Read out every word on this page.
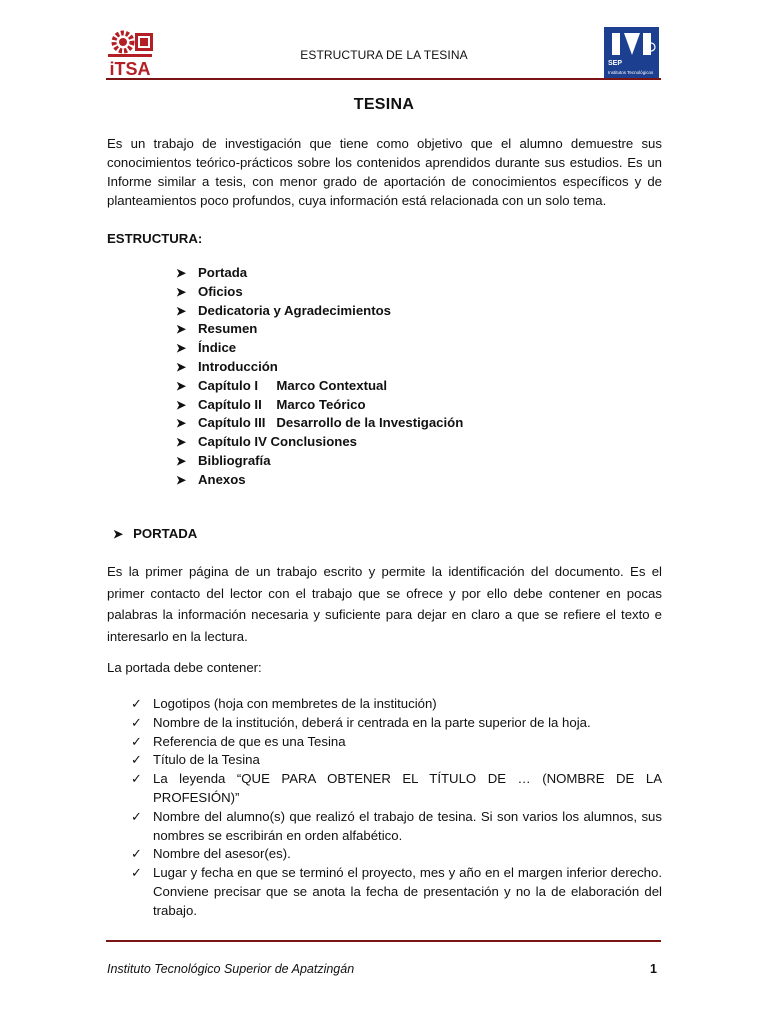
iTSA
ESTRUCTURA DE LA TESINA
SEP
Institutos Tecnológicos
TESINA
Es un trabajo de investigación que tiene como objetivo que el alumno demuestre sus conocimientos teórico-prácticos sobre los contenidos aprendidos durante sus estudios. Es un Informe similar a tesis, con menor grado de aportación de conocimientos específicos y de planteamientos poco profundos, cuya información está relacionada con un solo tema.
ESTRUCTURA:
➤ Portada
➤ Oficios
➤ Dedicatoria y Agradecimientos
➤ Resumen
➤ Índice
➤ Introducción
➤ Capítulo I     Marco Contextual
➤ Capítulo II    Marco Teórico
➤ Capítulo III   Desarrollo de la Investigación
➤ Capítulo IV Conclusiones
➤ Bibliografía
➤ Anexos
➤ PORTADA
Es la primer página de un trabajo escrito y permite la identificación del documento. Es el primer contacto del lector con el trabajo que se ofrece y por ello debe contener en pocas palabras la información necesaria y suficiente para dejar en claro a que se refiere el texto e interesarlo en la lectura.
La portada debe contener:
✓ Logotipos (hoja con membretes de la institución)
✓ Nombre de la institución, deberá ir centrada en la parte superior de la hoja.
✓ Referencia de que es una Tesina
✓ Título de la Tesina
✓ La leyenda “QUE PARA OBTENER EL TÍTULO DE … (NOMBRE DE LA PROFESIÓN)”
✓ Nombre del alumno(s) que realizó el trabajo de tesina. Si son varios los alumnos, sus nombres se escribirán en orden alfabético.
✓ Nombre del asesor(es).
✓ Lugar y fecha en que se terminó el proyecto, mes y año en el margen inferior derecho. Conviene precisar que se anota la fecha de presentación y no la de elaboración del trabajo.
Instituto Tecnológico Superior de Apatzingán	1
